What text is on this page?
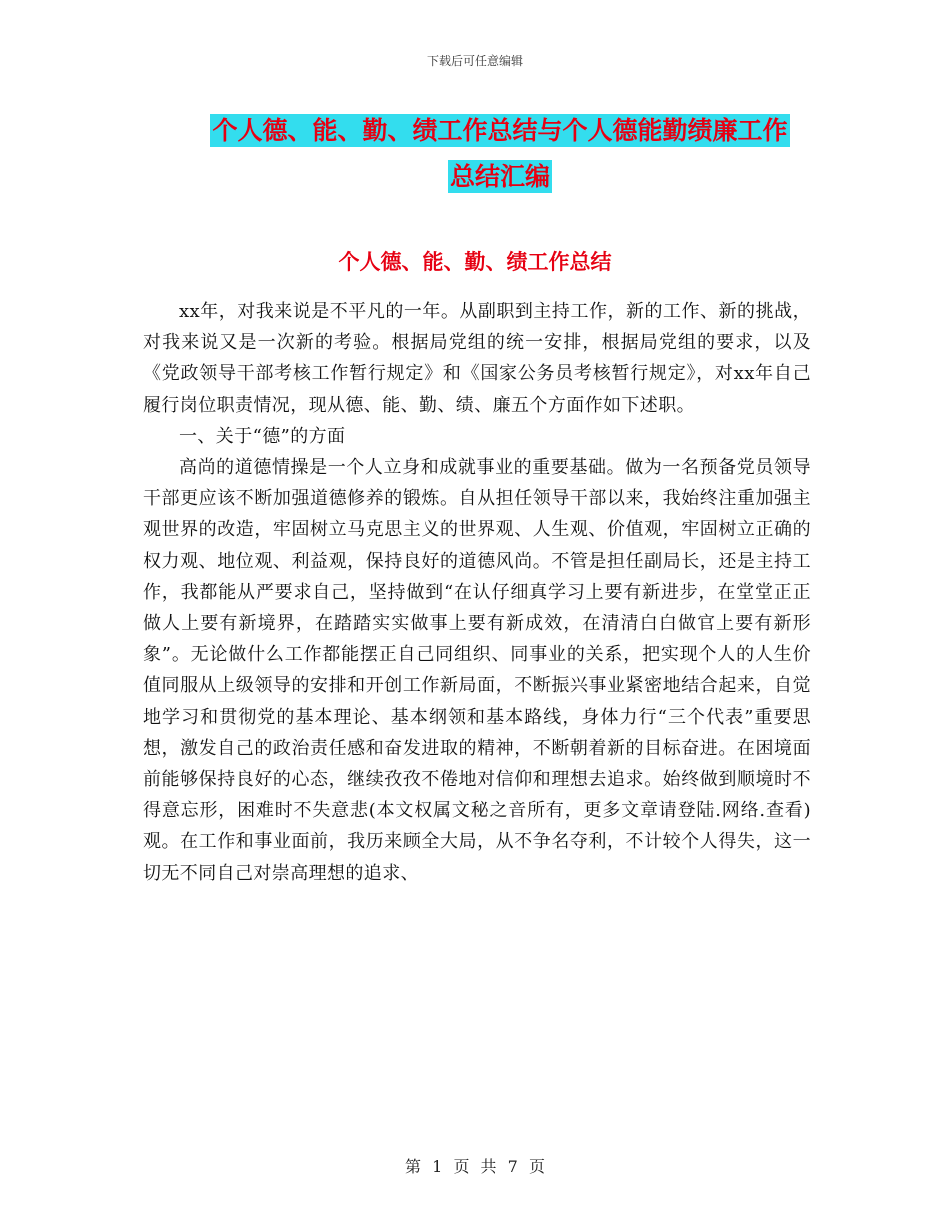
下载后可任意编辑
个人德、能、勤、绩工作总结与个人德能勤绩廉工作
总结汇编
个人德、能、勤、绩工作总结

xx年，对我来说是不平凡的一年。从副职到主持工作，新的工作、新的挑战，对我来说又是一次新的考验。根据局党组的统一安排，根据局党组的要求，以及《党政领导干部考核工作暂行规定》和《国家公务员考核暂行规定》，对xx年自己履行岗位职责情况，现从德、能、勤、绩、廉五个方面作如下述职。

一、关于“德”的方面

高尚的道德情操是一个人立身和成就事业的重要基础。做为一名预备党员领导干部更应该不断加强道德修养的锻炼。自从担任领导干部以来，我始终注重加强主观世界的改造，牢固树立马克思主义的世界观、人生观、价值观，牢固树立正确的权力观、地位观、利益观，保持良好的道德风尚。不管是担任副局长，还是主持工作，我都能从严要求自己，坚持做到“在认仔细真学习上要有新进步，在堂堂正正做人上要有新境界，在踏踏实实做事上要有新成效，在清清白白做官上要有新形象”。无论做什么工作都能摆正自己同组织、同事业的关系，把实现个人的人生价值同服从上级领导的安排和开创工作新局面，不断振兴事业紧密地结合起来，自觉地学习和贯彻党的基本理论、基本纲领和基本路线，身体力行“三个代表”重要思想，激发自己的政治责任感和奋发进取的精神，不断朝着新的目标奋进。在困境面前能够保持良好的心态，继续孜孜不倦地对信仰和理想去追求。始终做到顺境时不得意忘形，困难时不失意悲(本文权属文秘之音所有，更多文章请登陆.网络.查看)观。在工作和事业面前，我历来顾全大局，从不争名夺利，不计较个人得失，这一切无不同自己对崇高理想的追求、

第 1 页 共 7 页
